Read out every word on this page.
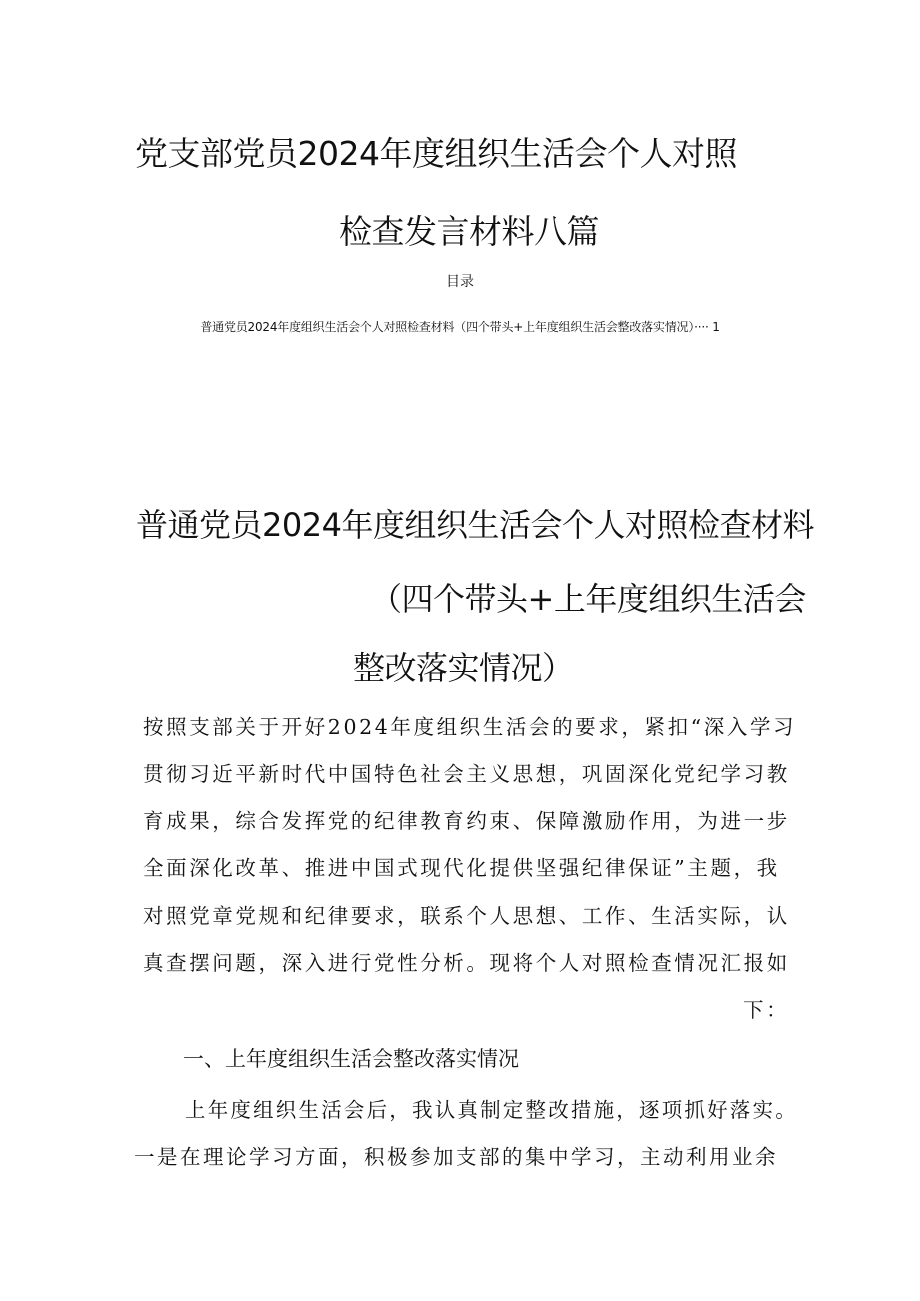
党支部党员2024年度组织生活会个人对照

检查发言材料八篇

目录

普通党员2024年度组织生活会个人对照检查材料（四个带头+上年度组织生活会整改落实情况）···· 1

普通党员2024年度组织生活会个人对照检查材料

（四个带头+上年度组织生活会

整改落实情况）

按照支部关于开好2024年度组织生活会的要求，紧扣“深入学习

贯彻习近平新时代中国特色社会主义思想，巩固深化党纪学习教

育成果，综合发挥党的纪律教育约束、保障激励作用，为进一步

全面深化改革、推进中国式现代化提供坚强纪律保证”主题，我

对照党章党规和纪律要求，联系个人思想、工作、生活实际，认

真查摆问题，深入进行党性分析。现将个人对照检查情况汇报如

下：

一、上年度组织生活会整改落实情况

上年度组织生活会后，我认真制定整改措施，逐项抓好落实。

一是在理论学习方面，积极参加支部的集中学习，主动利用业余
